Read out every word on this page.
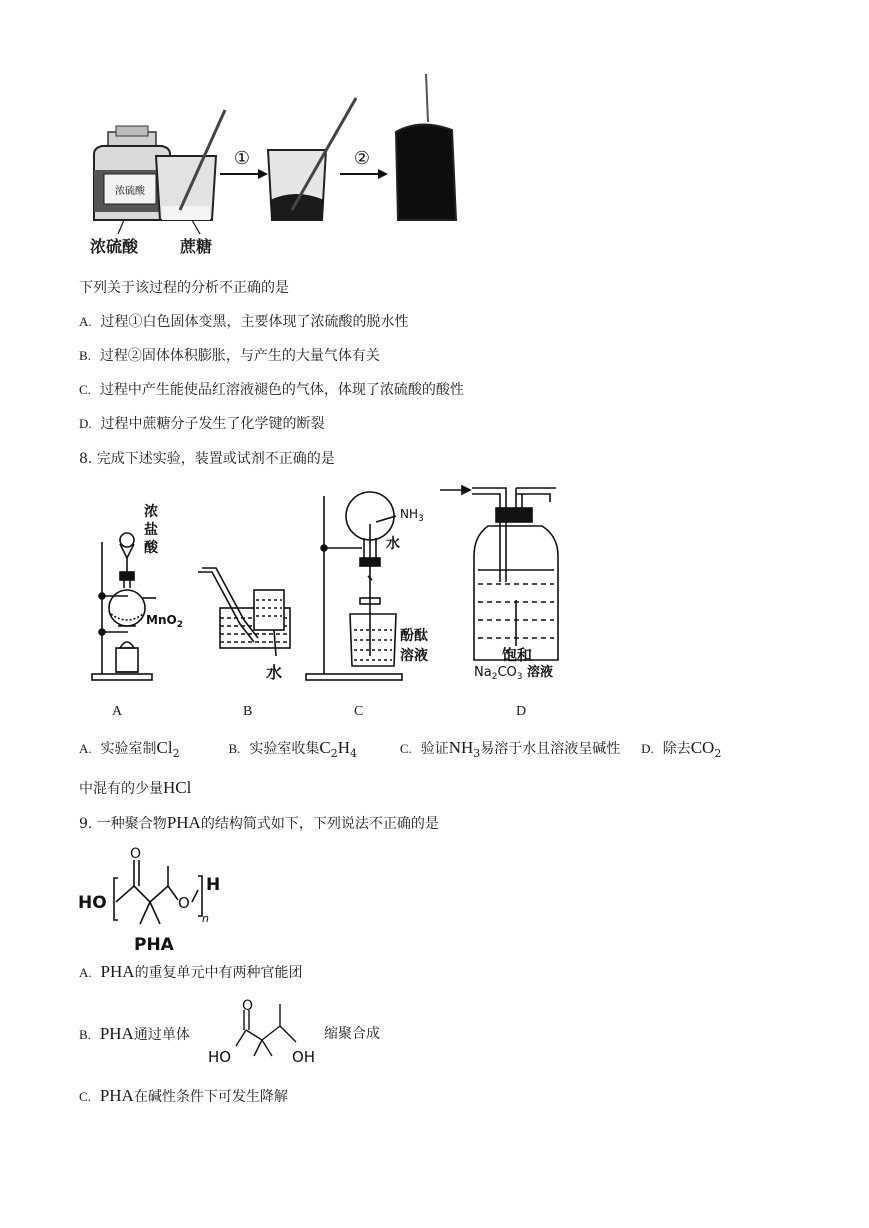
浓硫酸
①	②
浓硫酸	蔗糖
下列关于该过程的分析不正确的是
A. 过程①白色固体变黑，主要体现了浓硫酸的脱水性
B. 过程②固体体积膨胀，与产生的大量气体有关
C. 过程中产生能使品红溶液褪色的气体，体现了浓硫酸的酸性
D. 过程中蔗糖分子发生了化学键的断裂
8. 完成下述实验，装置或试剂不正确的是
浓
盐
酸
MnO$_2$
水
$NH_3$
水
酚酞
溶液	饱和
$Na_2CO_3$ 溶液
A	B	C	D
A. 实验室制$Cl_2$	B. 实验室收集$C_2H_4$	C. 验证$NH_3$易溶于水且溶液呈碱性 D. 除去$CO_2$
中混有的少量HCl
9. 一种聚合物PHA的结构简式如下，下列说法不正确的是
HO
O
O
H
n
PHA
A. PHA的重复单元中有两种官能团
B. PHA通过单体
O
HO	OH
缩聚合成
C. PHA在碱性条件下可发生降解
